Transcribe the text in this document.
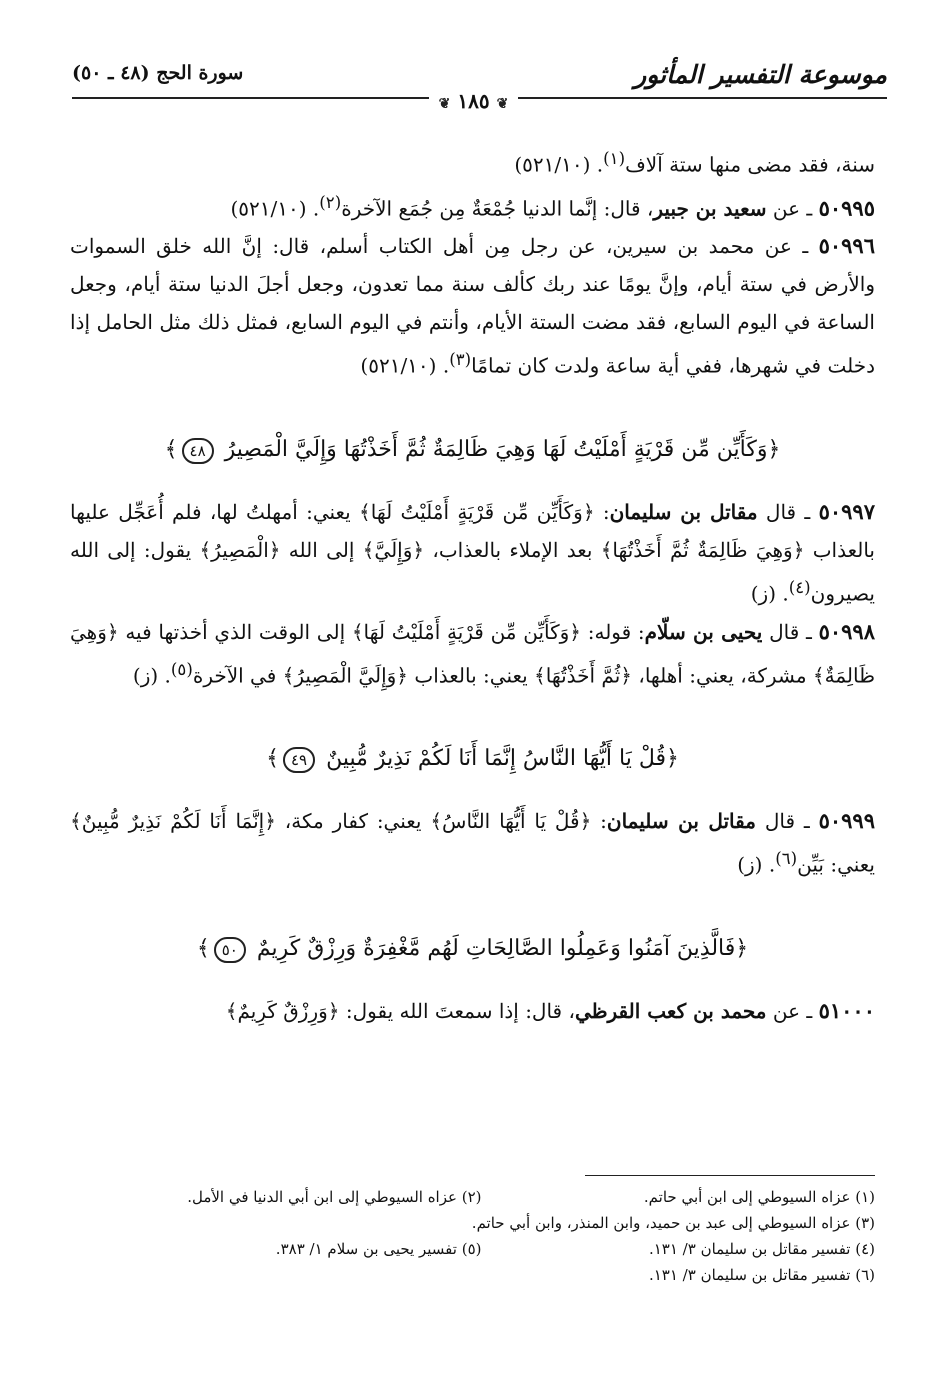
موسوعة التفسير المأثور
سورة الحج (٤٨ ـ ٥٠)
❦ ١٨٥ ❦

سنة، فقد مضى منها ستة آلاف$^{(١)}$. (٥٢١/١٠)

٥٠٩٩٥ ـ عن سعيد بن جبير، قال: إنَّما الدنيا جُمْعَةٌ مِن جُمَع الآخرة$^{(٢)}$. (٥٢١/١٠)

٥٠٩٩٦ ـ عن محمد بن سيرين، عن رجل مِن أهل الكتاب أسلم، قال: إنَّ الله خلق السموات والأرض في ستة أيام، وإنَّ يومًا عند ربك كألف سنة مما تعدون، وجعل أجلَ الدنيا ستة أيام، وجعل الساعة في اليوم السابع، فقد مضت الستة الأيام، وأنتم في اليوم السابع، فمثل ذلك مثل الحامل إذا دخلت في شهرها، ففي أية ساعة ولدت كان تمامًا$^{(٣)}$. (٥٢١/١٠)

﴿وَكَأَيِّن مِّن قَرْيَةٍ أَمْلَيْتُ لَهَا وَهِيَ ظَالِمَةٌ ثُمَّ أَخَذْتُهَا وَإِلَيَّ الْمَصِيرُ ٤٨﴾

٥٠٩٩٧ ـ قال مقاتل بن سليمان: ﴿وَكَأَيِّن مِّن قَرْيَةٍ أَمْلَيْتُ لَهَا﴾ يعني: أمهلتُ لها، فلم أُعَجِّل عليها بالعذاب ﴿وَهِيَ ظَالِمَةٌ ثُمَّ أَخَذْتُهَا﴾ بعد الإملاء بالعذاب، ﴿وَإِلَيَّ﴾ إلى الله ﴿الْمَصِيرُ﴾ يقول: إلى الله يصيرون$^{(٤)}$. (ز)

٥٠٩٩٨ ـ قال يحيى بن سلّام: قوله: ﴿وَكَأَيِّن مِّن قَرْيَةٍ أَمْلَيْتُ لَهَا﴾ إلى الوقت الذي أخذتها فيه ﴿وَهِيَ ظَالِمَةٌ﴾ مشركة، يعني: أهلها، ﴿ثُمَّ أَخَذْتُهَا﴾ يعني: بالعذاب ﴿وَإِلَيَّ الْمَصِيرُ﴾ في الآخرة$^{(٥)}$. (ز)

﴿قُلْ يَا أَيُّهَا النَّاسُ إِنَّمَا أَنَا لَكُمْ نَذِيرٌ مُّبِينٌ ٤٩﴾

٥٠٩٩٩ ـ قال مقاتل بن سليمان: ﴿قُلْ يَا أَيُّهَا النَّاسُ﴾ يعني: كفار مكة، ﴿إِنَّمَا أَنَا لَكُمْ نَذِيرٌ مُّبِينٌ﴾ يعني: بَيِّن$^{(٦)}$. (ز)

﴿فَالَّذِينَ آمَنُوا وَعَمِلُوا الصَّالِحَاتِ لَهُم مَّغْفِرَةٌ وَرِزْقٌ كَرِيمٌ ٥٠﴾

٥١٠٠٠ ـ عن محمد بن كعب القرظي، قال: إذا سمعتَ الله يقول: ﴿وَرِزْقٌ كَرِيمٌ﴾

(١) عزاه السيوطي إلى ابن أبي حاتم.
(٢) عزاه السيوطي إلى ابن أبي الدنيا في الأمل.
(٣) عزاه السيوطي إلى عبد بن حميد، وابن المنذر، وابن أبي حاتم.
(٤) تفسير مقاتل بن سليمان ٣/ ١٣١.
(٥) تفسير يحيى بن سلام ١/ ٣٨٣.
(٦) تفسير مقاتل بن سليمان ٣/ ١٣١.
